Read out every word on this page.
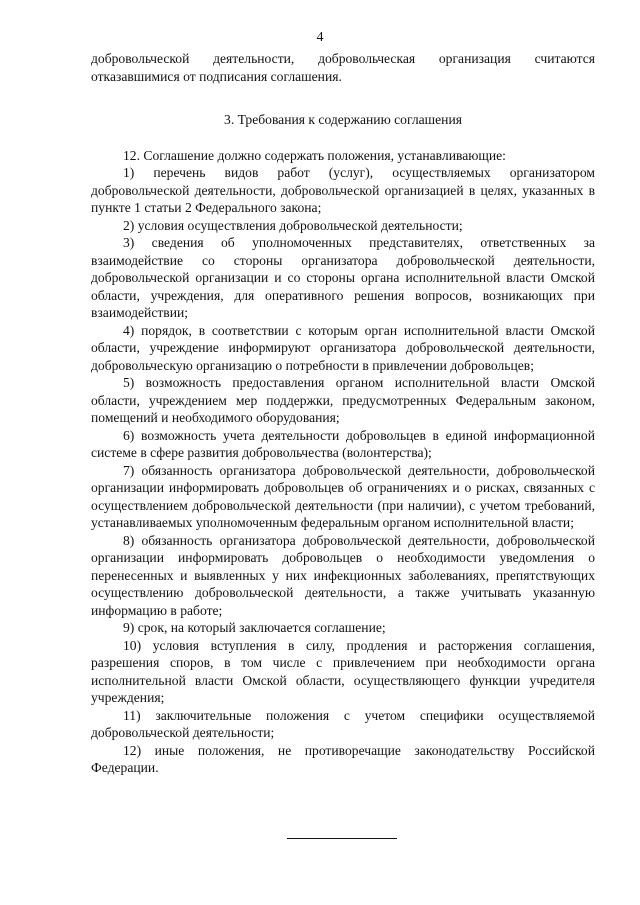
4

добровольческой деятельности, добровольческая организация считаются отказавшимися от подписания соглашения.

3. Требования к содержанию соглашения

12. Соглашение должно содержать положения, устанавливающие:

1) перечень видов работ (услуг), осуществляемых организатором добровольческой деятельности, добровольческой организацией в целях, указанных в пункте 1 статьи 2 Федерального закона;

2) условия осуществления добровольческой деятельности;

3) сведения об уполномоченных представителях, ответственных за взаимодействие со стороны организатора добровольческой деятельности, добровольческой организации и со стороны органа исполнительной власти Омской области, учреждения, для оперативного решения вопросов, возникающих при взаимодействии;

4) порядок, в соответствии с которым орган исполнительной власти Омской области, учреждение информируют организатора добровольческой деятельности, добровольческую организацию о потребности в привлечении добровольцев;

5) возможность предоставления органом исполнительной власти Омской области, учреждением мер поддержки, предусмотренных Федеральным законом, помещений и необходимого оборудования;

6) возможность учета деятельности добровольцев в единой информационной системе в сфере развития добровольчества (волонтерства);

7) обязанность организатора добровольческой деятельности, добровольческой организации информировать добровольцев об ограничениях и о рисках, связанных с осуществлением добровольческой деятельности (при наличии), с учетом требований, устанавливаемых уполномоченным федеральным органом исполнительной власти;

8) обязанность организатора добровольческой деятельности, добровольческой организации информировать добровольцев о необходимости уведомления о перенесенных и выявленных у них инфекционных заболеваниях, препятствующих осуществлению добровольческой деятельности, а также учитывать указанную информацию в работе;

9) срок, на который заключается соглашение;

10) условия вступления в силу, продления и расторжения соглашения, разрешения споров, в том числе с привлечением при необходимости органа исполнительной власти Омской области, осуществляющего функции учредителя учреждения;

11) заключительные положения с учетом специфики осуществляемой добровольческой деятельности;

12) иные положения, не противоречащие законодательству Российской Федерации.
